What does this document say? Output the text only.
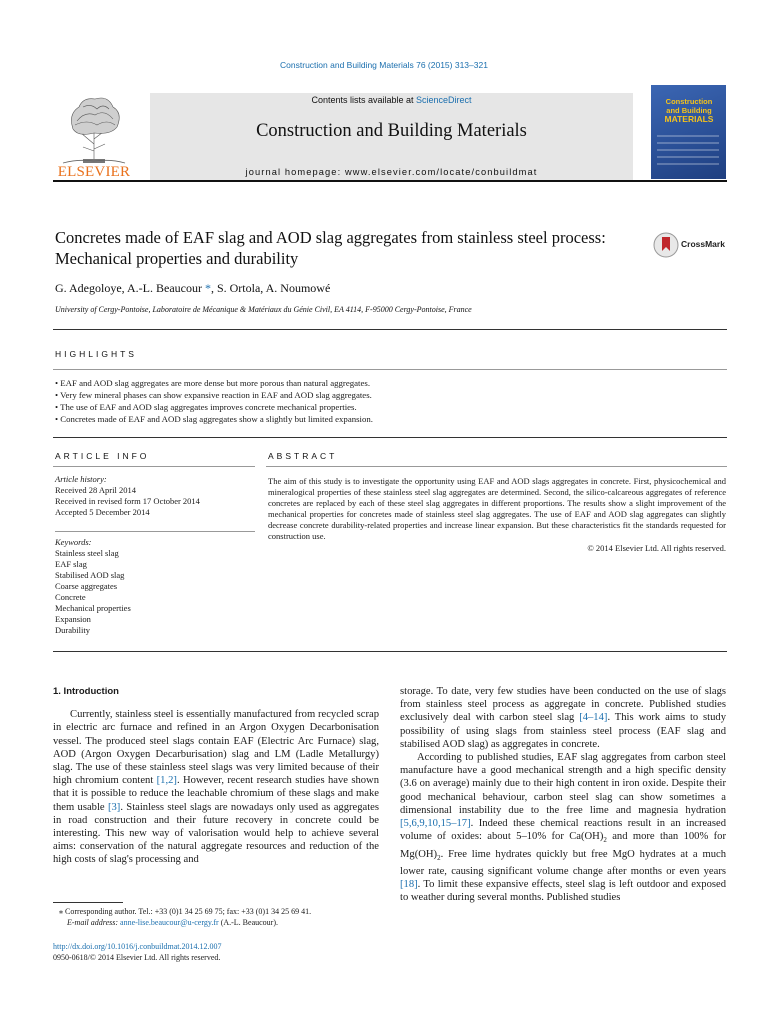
Construction and Building Materials 76 (2015) 313–321
ELSEVIER
Contents lists available at ScienceDirect
Construction and Building Materials
journal homepage: www.elsevier.com/locate/conbuildmat
Construction
and Building
MATERIALS
Concretes made of EAF slag and AOD slag aggregates from stainless steel process: Mechanical properties and durability
CrossMark
G. Adegoloye, A.-L. Beaucour *, S. Ortola, A. Noumowé
University of Cergy-Pontoise, Laboratoire de Mécanique & Matériaux du Génie Civil, EA 4114, F-95000 Cergy-Pontoise, France
HIGHLIGHTS
• EAF and AOD slag aggregates are more dense but more porous than natural aggregates.
• Very few mineral phases can show expansive reaction in EAF and AOD slag aggregates.
• The use of EAF and AOD slag aggregates improves concrete mechanical properties.
• Concretes made of EAF and AOD slag aggregates show a slightly but limited expansion.
ARTICLE INFO	ABSTRACT
Article history:
Received 28 April 2014
Received in revised form 17 October 2014
Accepted 5 December 2014
Keywords:
Stainless steel slag
EAF slag
Stabilised AOD slag
Coarse aggregates
Concrete
Mechanical properties
Expansion
Durability
The aim of this study is to investigate the opportunity using EAF and AOD slags aggregates in concrete. First, physicochemical and mineralogical properties of these stainless steel slag aggregates are determined. Second, the silico-calcareous aggregates of reference concretes are replaced by each of these steel slag aggregates in different proportions. The results show a slight improvement of the mechanical properties for concretes made of stainless steel slag aggregates. The use of EAF and AOD slag aggregates can slightly decrease concrete durability-related properties and increase linear expansion. But these characteristics fit the standards requested for construction use.
© 2014 Elsevier Ltd. All rights reserved.
1. Introduction

Currently, stainless steel is essentially manufactured from recycled scrap in electric arc furnace and refined in an Argon Oxygen Decarbonisation vessel. The produced steel slags contain EAF (Electric Arc Furnace) slag, AOD (Argon Oxygen Decarburisation) slag and LM (Ladle Metallurgy) slag. The use of these stainless steel slags was very limited because of their high chromium content [1,2]. However, recent research studies have shown that it is possible to reduce the leachable chromium of these slags and make them usable [3]. Stainless steel slags are nowadays only used as aggregates in road construction and their future recovery in concrete could be interesting. This new way of valorisation would help to achieve several aims: conservation of the natural aggregate resources and reduction of the high costs of slag's processing and

storage. To date, very few studies have been conducted on the use of slags from stainless steel process as aggregate in concrete. Published studies exclusively deal with carbon steel slag [4–14]. This work aims to study possibility of using slags from stainless steel process (EAF slag and stabilised AOD slag) as aggregates in concrete.

According to published studies, EAF slag aggregates from carbon steel manufacture have a good mechanical strength and a high specific density (3.6 on average) mainly due to their high content in iron oxide. Despite their good mechanical behaviour, carbon steel slag can show sometimes a dimensional instability due to the free lime and magnesia hydration [5,6,9,10,15–17]. Indeed these chemical reactions result in an increased volume of oxides: about 5–10% for $Ca(OH)_2$ and more than 100% for $Mg(OH)_2$. Free lime hydrates quickly but free MgO hydrates at a much lower rate, causing significant volume change after months or even years [18]. To limit these expansive effects, steel slag is left outdoor and exposed to weather during several months. Published studies

⁎ Corresponding author. Tel.: +33 (0)1 34 25 69 75; fax: +33 (0)1 34 25 69 41.
E-mail address: anne-lise.beaucour@u-cergy.fr (A.-L. Beaucour).
http://dx.doi.org/10.1016/j.conbuildmat.2014.12.007
0950-0618/© 2014 Elsevier Ltd. All rights reserved.
